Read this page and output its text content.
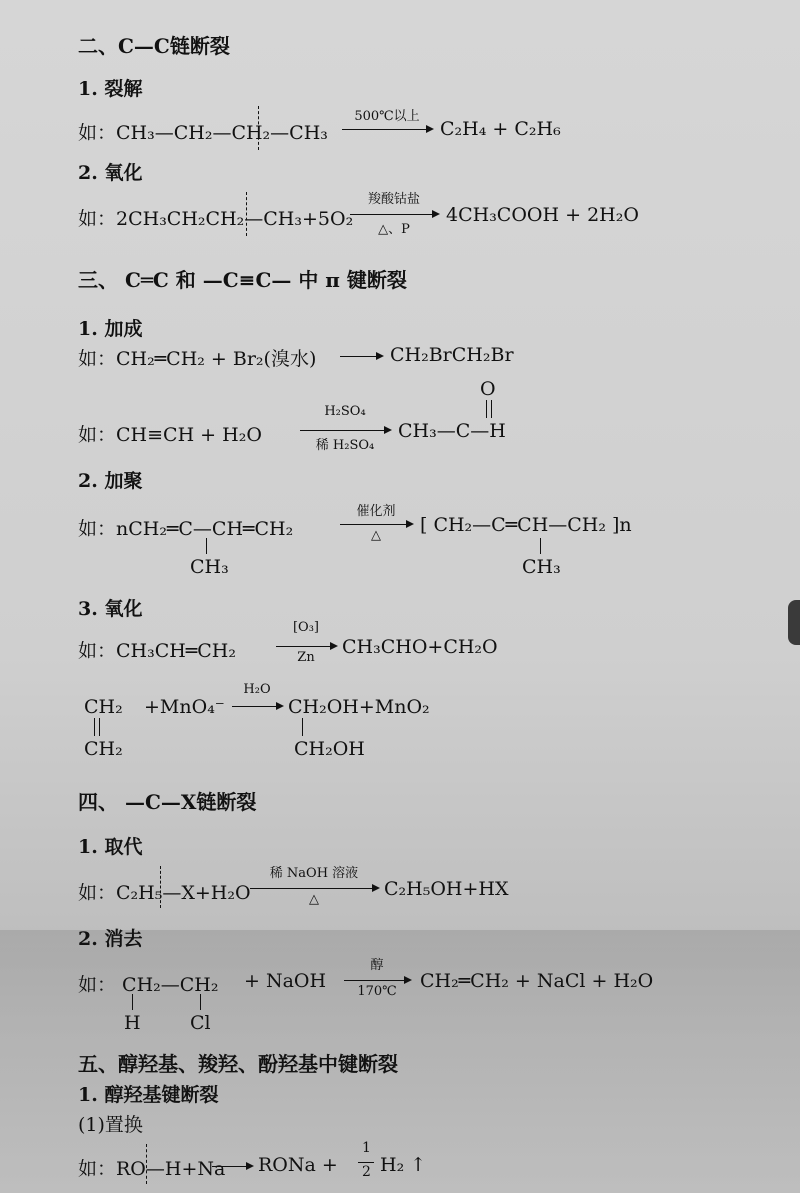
二、C—C链断裂
1. 裂解
如：CH₃—CH₂—CH₂—CH₃
500℃以上
C₂H₄ + C₂H₆
2. 氧化
如：2CH₃CH₂CH₂—CH₃+5O₂
羧酸钴盐
△、P
4CH₃COOH + 2H₂O
三、 C═C 和 —C≡C— 中 π 键断裂
1. 加成
如：CH₂═CH₂ + Br₂(溴水) → CH₂BrCH₂Br
如：CH≡CH + H₂O
H₂SO₄
稀 H₂SO₄
O
CH₃—C—H
2. 加聚
如：nCH₂═C—CH═CH₂
CH₃
催化剂
△	[ CH₂—C═CH—CH₂ ]n
CH₃
3. 氧化
如：CH₃CH═CH₂
[O₃]
Zn	CH₃CHO+CH₂O
CH₂
CH₂
+MnO₄⁻
H₂O
→ CH₂OH+MnO₂
CH₂OH
四、 —C—X链断裂
1. 取代
如：C₂H₅—X+H₂O
稀 NaOH 溶液
△	C₂H₅OH+HX
2. 消去
如： CH₂—CH₂
H	Cl
+ NaOH
醇
170℃	CH₂═CH₂ + NaCl + H₂O
五、醇羟基、羧羟、酚羟基中键断裂
1. 醇羟基键断裂
(1)置换
如：RO—H+Na → RONa +
1
2 H₂ ↑
